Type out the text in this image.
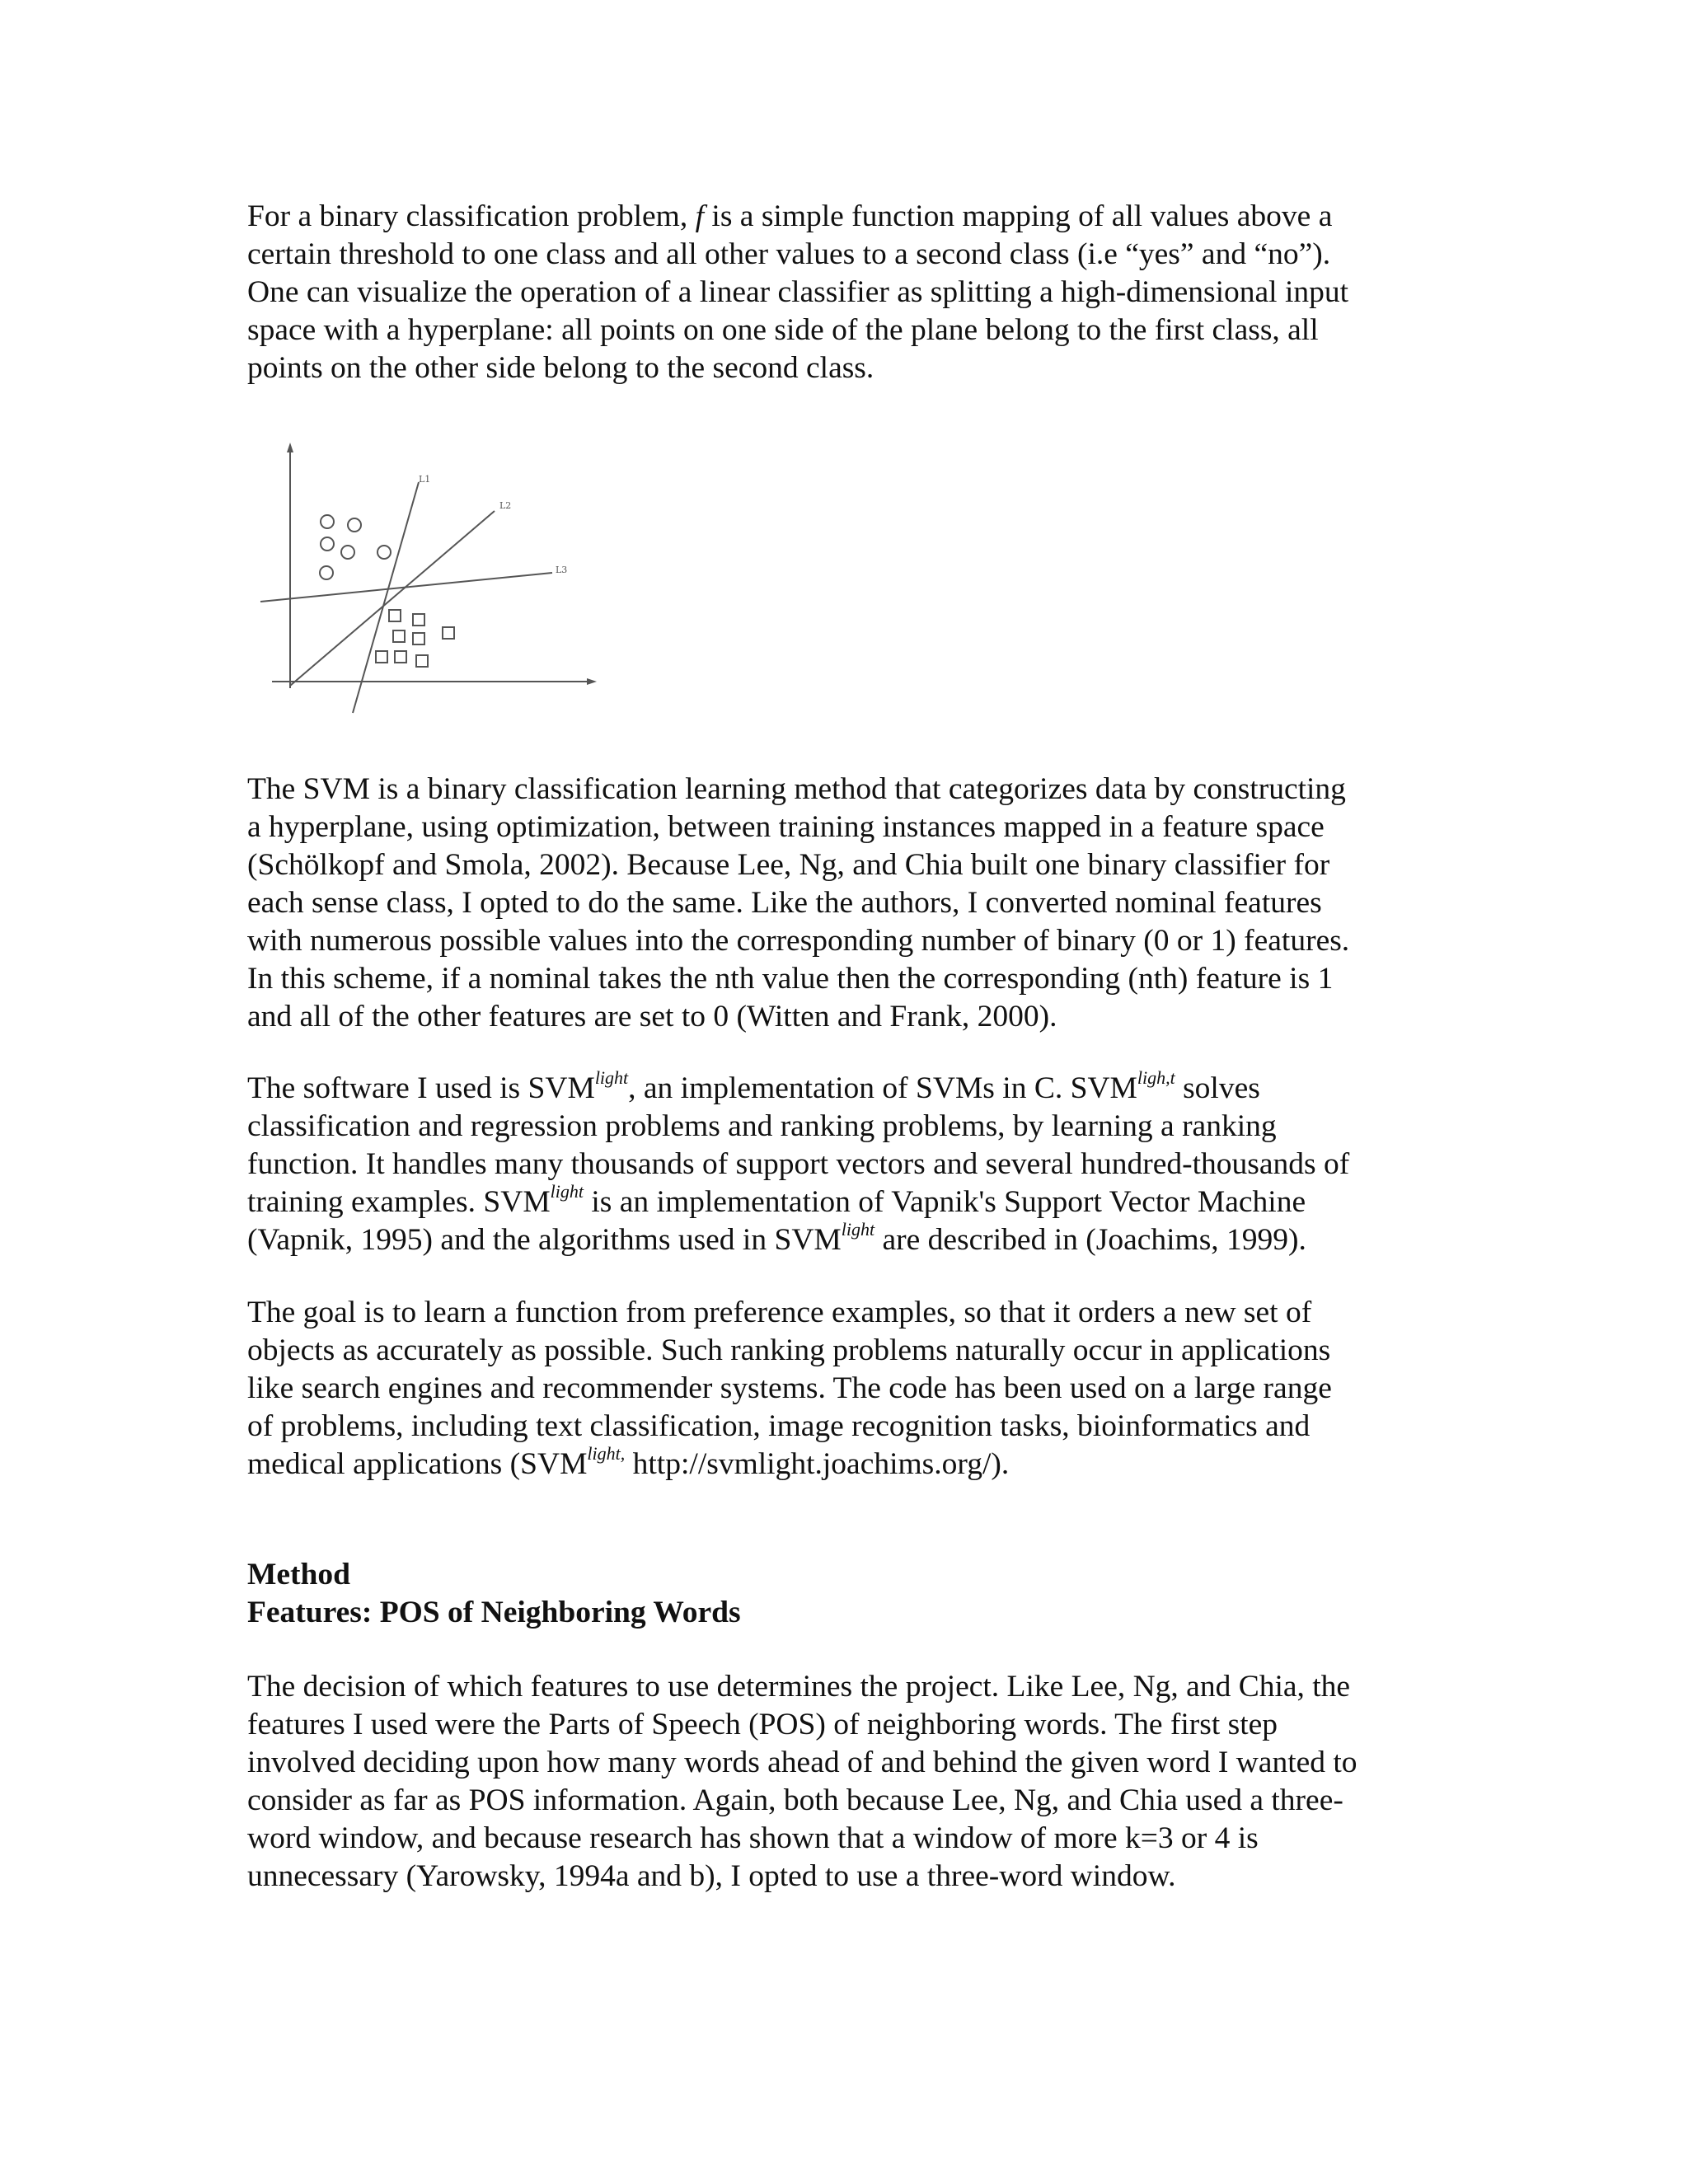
For a binary classification problem, f is a simple function mapping of all values above a
certain threshold to one class and all other values to a second class (i.e “yes” and “no”).
One can visualize the operation of a linear classifier as splitting a high-dimensional input
space with a hyperplane: all points on one side of the plane belong to the first class, all
points on the other side belong to the second class.
L1
L2
L3
The SVM is a binary classification learning method that categorizes data by constructing
a hyperplane, using optimization, between training instances mapped in a feature space
(Schölkopf and Smola, 2002). Because Lee, Ng, and Chia built one binary classifier for
each sense class, I opted to do the same. Like the authors, I converted nominal features
with numerous possible values into the corresponding number of binary (0 or 1) features.
In this scheme, if a nominal takes the nth value then the corresponding (nth) feature is 1
and all of the other features are set to 0 (Witten and Frank, 2000).
The software I used is $SVM^{light}$, an implementation of SVMs in C. $SVM^{ligh,t}$ solves
classification and regression problems and ranking problems, by learning a ranking
function. It handles many thousands of support vectors and several hundred-thousands of
training examples. $SVM^{light}$ is an implementation of Vapnik's Support Vector Machine
(Vapnik, 1995) and the algorithms used in $SVM^{light}$ are described in (Joachims, 1999).
The goal is to learn a function from preference examples, so that it orders a new set of
objects as accurately as possible. Such ranking problems naturally occur in applications
like search engines and recommender systems. The code has been used on a large range
of problems, including text classification, image recognition tasks, bioinformatics and
medical applications ($SVM^{light,}$ http://svmlight.joachims.org/).
Method
Features: POS of Neighboring Words
The decision of which features to use determines the project. Like Lee, Ng, and Chia, the
features I used were the Parts of Speech (POS) of neighboring words. The first step
involved deciding upon how many words ahead of and behind the given word I wanted to
consider as far as POS information. Again, both because Lee, Ng, and Chia used a three-
word window, and because research has shown that a window of more k=3 or 4 is
unnecessary (Yarowsky, 1994a and b), I opted to use a three-word window.
